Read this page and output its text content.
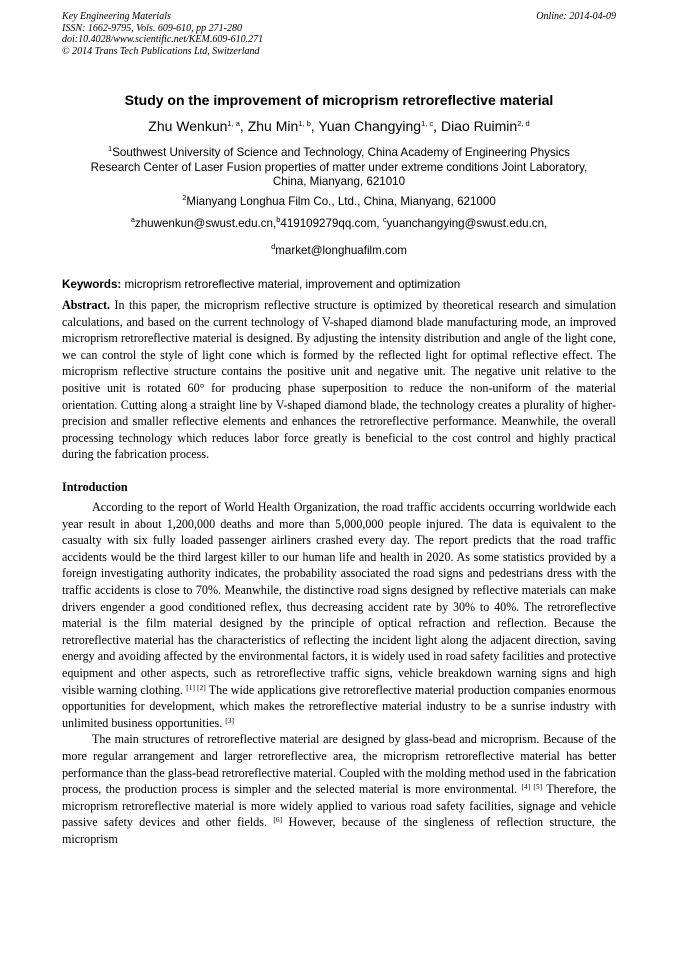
Key Engineering Materials
ISSN: 1662-9795, Vols. 609-610, pp 271-280
doi:10.4028/www.scientific.net/KEM.609-610.271
© 2014 Trans Tech Publications Ltd, Switzerland
Online: 2014-04-09
Study on the improvement of microprism retroreflective material
Zhu Wenkun$^{1, a}$, Zhu Min$^{1, b}$, Yuan Changying$^{1, c}$, Diao Ruimin$^{2, d}$
$^1$Southwest University of Science and Technology, China Academy of Engineering Physics
Research Center of Laser Fusion properties of matter under extreme conditions Joint Laboratory,
China, Mianyang, 621010
$^2$Mianyang Longhua Film Co., Ltd., China, Mianyang, 621000
$^a$zhuwenkun@swust.edu.cn,$^b$419109279qq.com, $^c$yuanchangying@swust.edu.cn,
$^d$market@longhuafilm.com
Keywords: microprism retroreflective material, improvement and optimization
Abstract. In this paper, the microprism reflective structure is optimized by theoretical research and simulation calculations, and based on the current technology of V-shaped diamond blade manufacturing mode, an improved microprism retroreflective material is designed. By adjusting the intensity distribution and angle of the light cone, we can control the style of light cone which is formed by the reflected light for optimal reflective effect. The microprism reflective structure contains the positive unit and negative unit. The negative unit relative to the positive unit is rotated 60° for producing phase superposition to reduce the non-uniform of the material orientation. Cutting along a straight line by V-shaped diamond blade, the technology creates a plurality of higher-precision and smaller reflective elements and enhances the retroreflective performance. Meanwhile, the overall processing technology which reduces labor force greatly is beneficial to the cost control and highly practical during the fabrication process.
Introduction

According to the report of World Health Organization, the road traffic accidents occurring worldwide each year result in about 1,200,000 deaths and more than 5,000,000 people injured. The data is equivalent to the casualty with six fully loaded passenger airliners crashed every day. The report predicts that the road traffic accidents would be the third largest killer to our human life and health in 2020. As some statistics provided by a foreign investigating authority indicates, the probability associated the road signs and pedestrians dress with the traffic accidents is close to 70%. Meanwhile, the distinctive road signs designed by reflective materials can make drivers engender a good conditioned reflex, thus decreasing accident rate by 30% to 40%. The retroreflective material is the film material designed by the principle of optical refraction and reflection. Because the retroreflective material has the characteristics of reflecting the incident light along the adjacent direction, saving energy and avoiding affected by the environmental factors, it is widely used in road safety facilities and protective equipment and other aspects, such as retroreflective traffic signs, vehicle breakdown warning signs and high visible warning clothing. [1] [2] The wide applications give retroreflective material production companies enormous opportunities for development, which makes the retroreflective material industry to be a sunrise industry with unlimited business opportunities. [3]

The main structures of retroreflective material are designed by glass-bead and microprism. Because of the more regular arrangement and larger retroreflective area, the microprism retroreflective material has better performance than the glass-bead retroreflective material. Coupled with the molding method used in the fabrication process, the production process is simpler and the selected material is more environmental. [4] [5] Therefore, the microprism retroreflective material is more widely applied to various road safety facilities, signage and vehicle passive safety devices and other fields. [6] However, because of the singleness of reflection structure, the microprism
